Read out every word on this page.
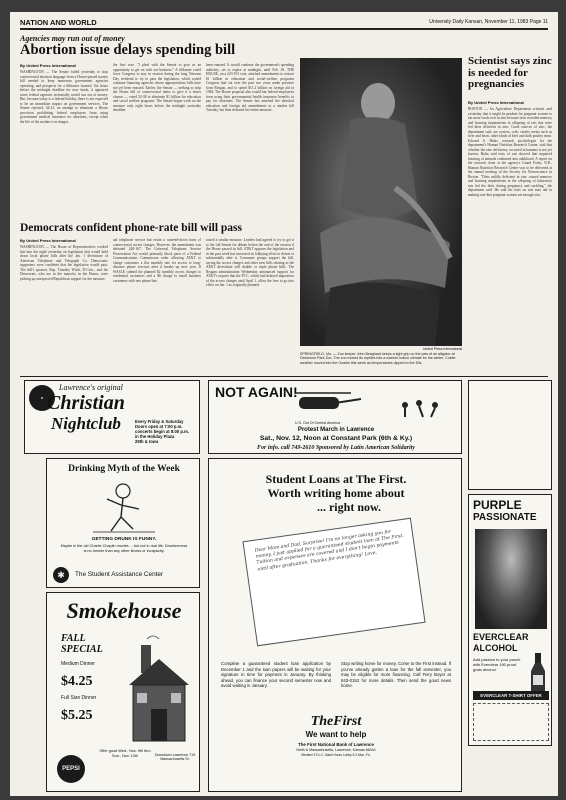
NATION AND WORLD	University Daily Kansan, November 11, 1983 Page 11
Agencies may run out of money
Abortion issue delays spending bill
By United Press International
WASHINGTON — The Senate failed yesterday to stop controversial abortion language from a House-passed money bill needed to keep numerous government agencies operating, and prospects for a filibuster loomed. Six hours before the midnight deadline for new funds, it appeared some federal agencies technically would run out of money. But, because today is a federal holiday, there is not expected to be an immediate impact on government services. The Senate rejected, 44-41, an attempt to eliminate a House provision prohibiting federal employees from using government medical insurance for abortions, except when the life of the mother is in danger.
the first vote. "I pleaf with the Senate to give us an opportunity to get on with our business." A filibuster could force Congress to stay in session during the long Veterans Day weekend to try to pass the legislation, which would continue financing agencies whose appropriations bills have not yet been enacted. Earlier, the Senate — seeking to strip the House bill of controversial items to give it a better chance — voted 52-38 to eliminate $1 billion for education and social welfare programs. The Senate began work on the measure only eight hours before the midnight yesterday deadline.
been enacted. It would continue the government's spending authority, set to expire at midnight, until Feb. 29. THE HOUSE, on a 223-191 vote, attached amendments to restore $1 billion in education and social-welfare programs Congress had cut over the past two years under pressure from Reagan, and to spend $11.2 billion on foreign aid in 1984. The House proposal also would bar federal employees from using their governmental health insurance benefits to pay for abortions. The Senate has attached the identical education and foreign aid amendments to a similar bill Tuesday, but then defeated the entire measure.
United Press International
SPRINGFIELD, Mo. — Zoo keeper John Beaghard keeps a tight grip on the paw of an alligator at Dickerson Park Zoo. The zoo moved its reptiles into a warmer indoor climate for the winter. Colder weather moved into the Ozarks this week as temperatures dipped to the 30s.
Scientist says zinc is needed for pregnancies
By United Press International
BOSTON — An Agriculture Department scientist said yesterday that it might be prudent for pregnant women to eat more foods rich in zinc because tests revealed memory and learning impairments in offspring of rats that were fed diets deficient in zinc. Good sources of zinc, the department said, are oysters, crab, variety meats such as liver and heart, other kinds of beef and dark poultry meat. Edward S. Halas, research psychologist for the department's Human Nutrition Research Center, said that whether the zinc deficiency occurred in humans is not yet known. Halas said tests of rats showed that impaired learning of animals continued into adulthood. A report on the research done at the agency's Grand Forks, N.D., Human Nutrition Research Center was to be delivered at the annual meeting of the Society for Neuroscience in Boston. "Diets mildly deficient in zinc caused memory and learning impairments in the offspring of laboratory rats fed the diets during pregnancy and suckling," the department said. He said his tests on rats may aid in making sure that pregnant women eat enough zinc.
Democrats confident phone-rate bill will pass
By United Press International
WASHINGTON — The House of Representatives worked late into the night yesterday on legislation that would hold down local phone bills after the Jan. 1 divestiture of American Telephone and Telegraph Co. Democratic supporters were confident that the legislation would pass. The bill's sponsor, Rep. Timothy Wirth, D-Colo., and the Democrats, who are in the majority in the House, were picking up unexpected Republican support for the measure.
ual telephone service but retain a watered-down form of controversial access charges. However, the amendment was defeated 240-167. The Universal Telephone Service Preservation Act would primarily block parts of a Federal Communications Commission order allowing AT&T to charge customers a flat monthly rate for access to long-distance phone services after it breaks up next year. If WASLE calmed the planned $2 monthly access charges to residential customers and a $6 charge to small business customers with one phone line.
raised a similar measure. Leaders had agreed to try to get it to the full Senate for debate before the end of the session if the House passed its bill. AT&T opposes the legislation and in the past week has increased its lobbying effort to defeat or substantially alter it. Consumer groups support the bill, saying the access charges and other new bills relating to the AT&T divestiture will double or triple phone bills. The Reagan administration Wednesday announced support for AT&T's request that the FCC, which had delayed imposition of the access charges until April 1, allow the fees to go into effect on Jan. 1 as originally planned.
✚
Lawrence's original
Christian
Nightclub	Every Friday & Saturday
Doors open at 7:00 p.m.
concerts begin at 8:00 p.m.
in the Holiday Plaza
25th & Iowa
NOT AGAIN!
U.S. Out Of Central America
Protest March in Lawrence
Sat., Nov. 12, Noon at Constant Park (6th & Ky.)
For info. call 749-2610 Sponsored by Latin American Solidarity
Drinking Myth of the Week
GETTING DRUNK IS FUNNY.
Maybe in the old Charlie Chaplin movies ... but not in real life. Drunkenness is no funnier than any other illness or incapacity.
✱	The Student Assistance Center
Student Loans at The First.
Worth writing home about
... right now.
Dear Mom and Dad, Surprise! I'm no longer asking you for money. I just applied for a guaranteed student loan at The First. Tuition and expenses are covered and I don't begin payments until after graduation. Thanks for everything! Love,
Complete a guaranteed student loan application by December 1 and the loan papers will be waiting for your signature in time for payment in January. By thinking ahead, you can finance your second semester now and avoid waiting in January.
Stop writing home for money. Come to the First instead. If you've already gotten a loan for the fall semester, you may be eligible for more financing. Call Terry Boyer at 843-0152 for more details. Then send the good news home.
TheFirst
We want to help
The First National Bank of Lawrence
Ninth & Massachusetts, Lawrence, Kansas 66044
Member F.D.I.C. Bank Hours Lobby 9-3 Mon.-Fri.
PURPLE
PASSIONATE
EVERCLEAR
ALCOHOL
Add passion to your punch with Everclear 190 proof grain alcohol
EVERCLEAR T-SHIRT OFFER
Smokehouse
FALL
SPECIAL
Medium Dinner
$4.25
Full Size Dinner
$5.25
Offer good Wed., Nov. 9th thru Sun., Nov. 13th
PEPSI
Downtown Lawrence 719 Massachusetts St.
